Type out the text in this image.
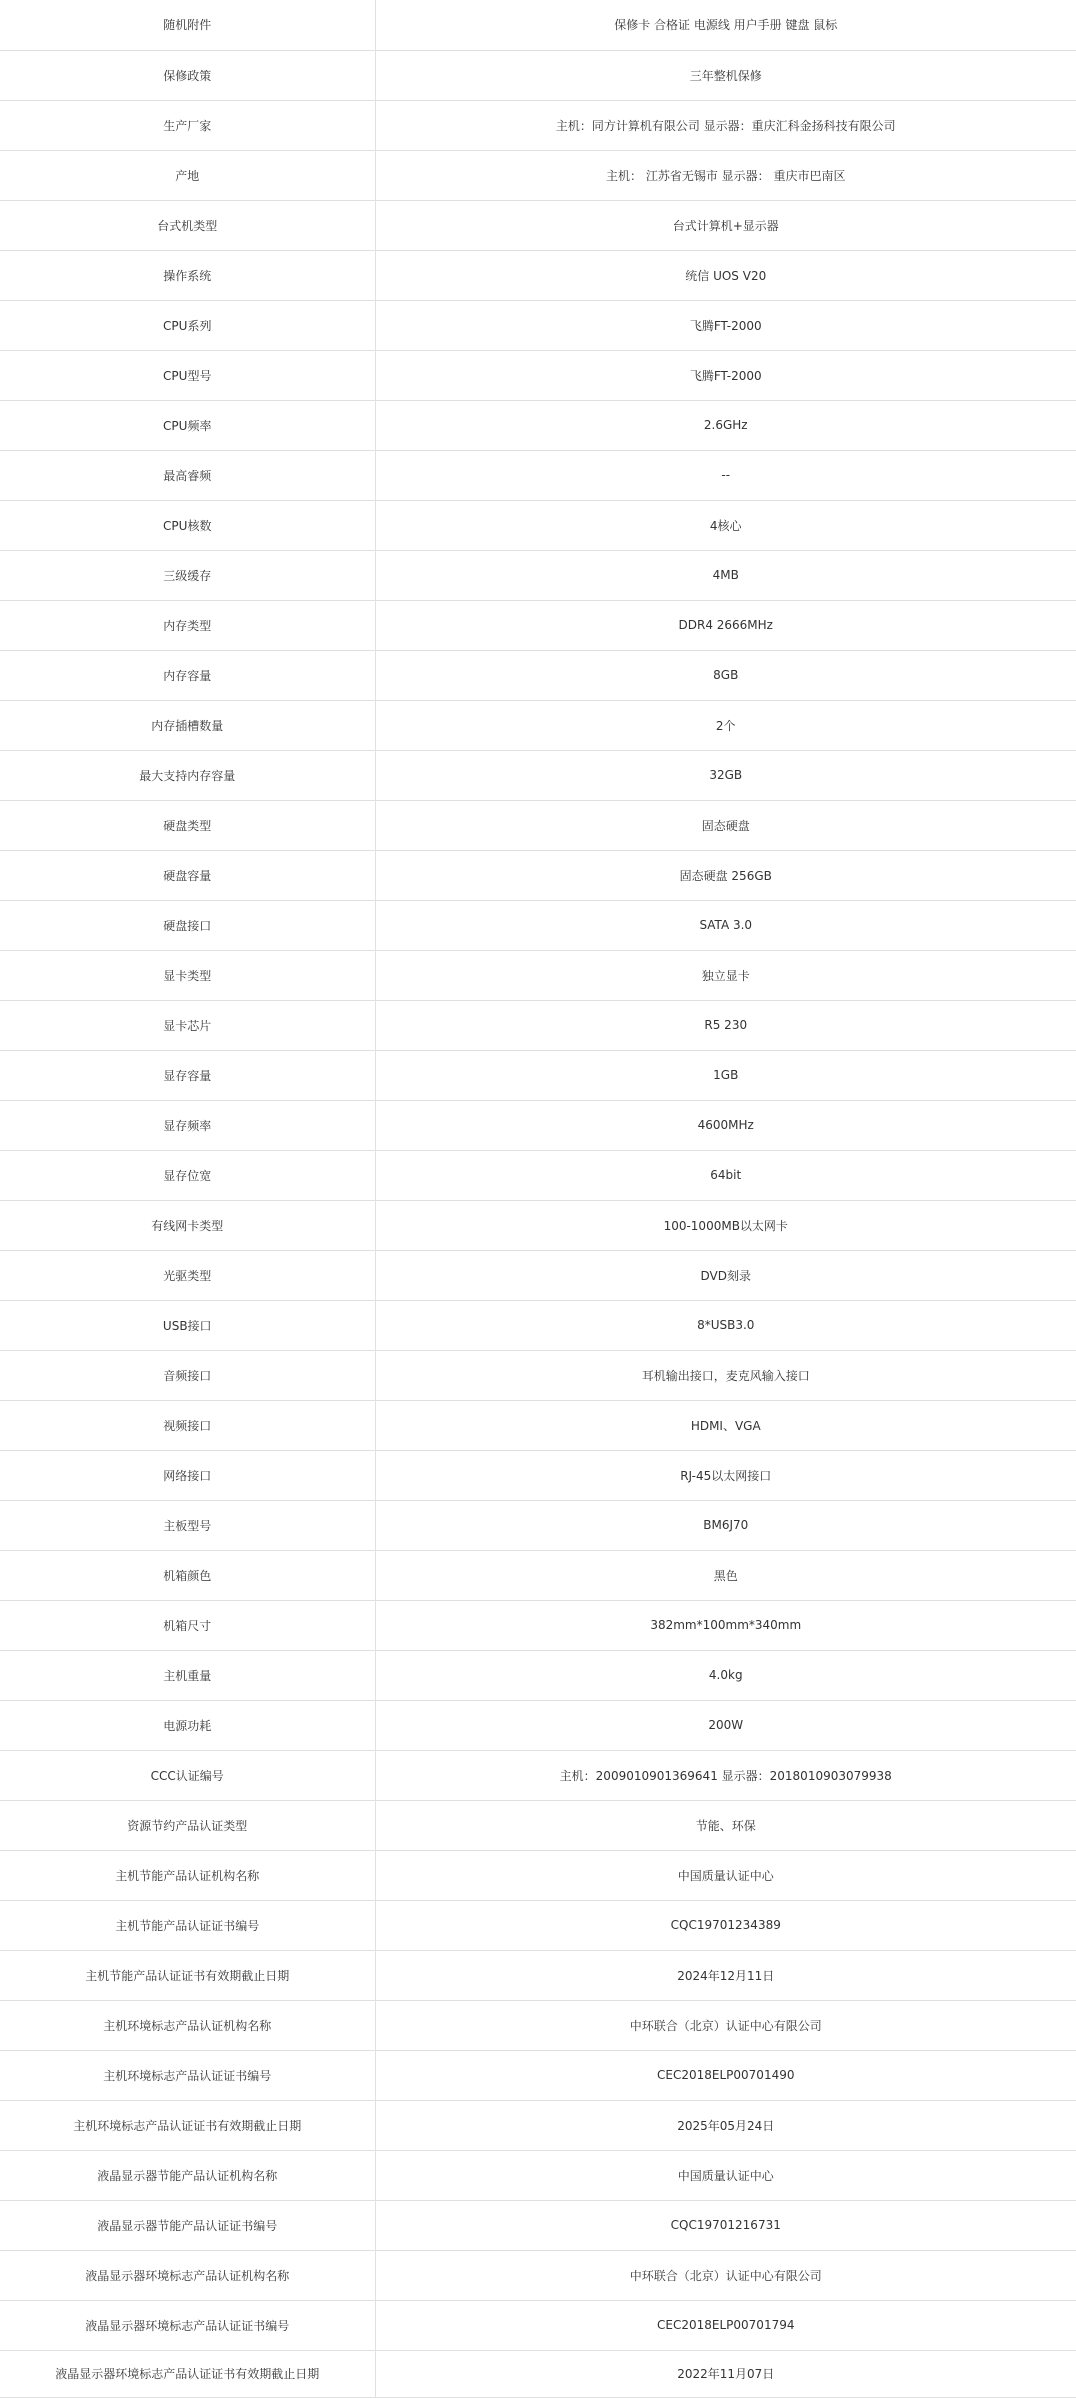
随机附件	保修卡 合格证 电源线 用户手册 键盘 鼠标
保修政策	三年整机保修
生产厂家	主机：同方计算机有限公司 显示器：重庆汇科金扬科技有限公司
产地	主机： 江苏省无锡市 显示器： 重庆市巴南区
台式机类型	台式计算机+显示器
操作系统	统信 UOS V20
CPU系列	飞腾FT-2000
CPU型号	飞腾FT-2000
CPU频率	2.6GHz
最高睿频	--
CPU核数	4核心
三级缓存	4MB
内存类型	DDR4 2666MHz
内存容量	8GB
内存插槽数量	2个
最大支持内存容量	32GB
硬盘类型	固态硬盘
硬盘容量	固态硬盘 256GB
硬盘接口	SATA 3.0
显卡类型	独立显卡
显卡芯片	R5 230
显存容量	1GB
显存频率	4600MHz
显存位宽	64bit
有线网卡类型	100-1000MB以太网卡
光驱类型	DVD刻录
USB接口	8*USB3.0
音频接口	耳机输出接口，麦克风输入接口
视频接口	HDMI、VGA
网络接口	RJ-45以太网接口
主板型号	BM6J70
机箱颜色	黑色
机箱尺寸	382mm*100mm*340mm
主机重量	4.0kg
电源功耗	200W
CCC认证编号	主机：2009010901369641 显示器：2018010903079938
资源节约产品认证类型	节能、环保
主机节能产品认证机构名称	中国质量认证中心
主机节能产品认证证书编号	CQC19701234389
主机节能产品认证证书有效期截止日期	2024年12月11日
主机环境标志产品认证机构名称	中环联合（北京）认证中心有限公司
主机环境标志产品认证证书编号	CEC2018ELP00701490
主机环境标志产品认证证书有效期截止日期	2025年05月24日
液晶显示器节能产品认证机构名称	中国质量认证中心
液晶显示器节能产品认证证书编号	CQC19701216731
液晶显示器环境标志产品认证机构名称	中环联合（北京）认证中心有限公司
液晶显示器环境标志产品认证证书编号	CEC2018ELP00701794
液晶显示器环境标志产品认证证书有效期截止日期	2022年11月07日
